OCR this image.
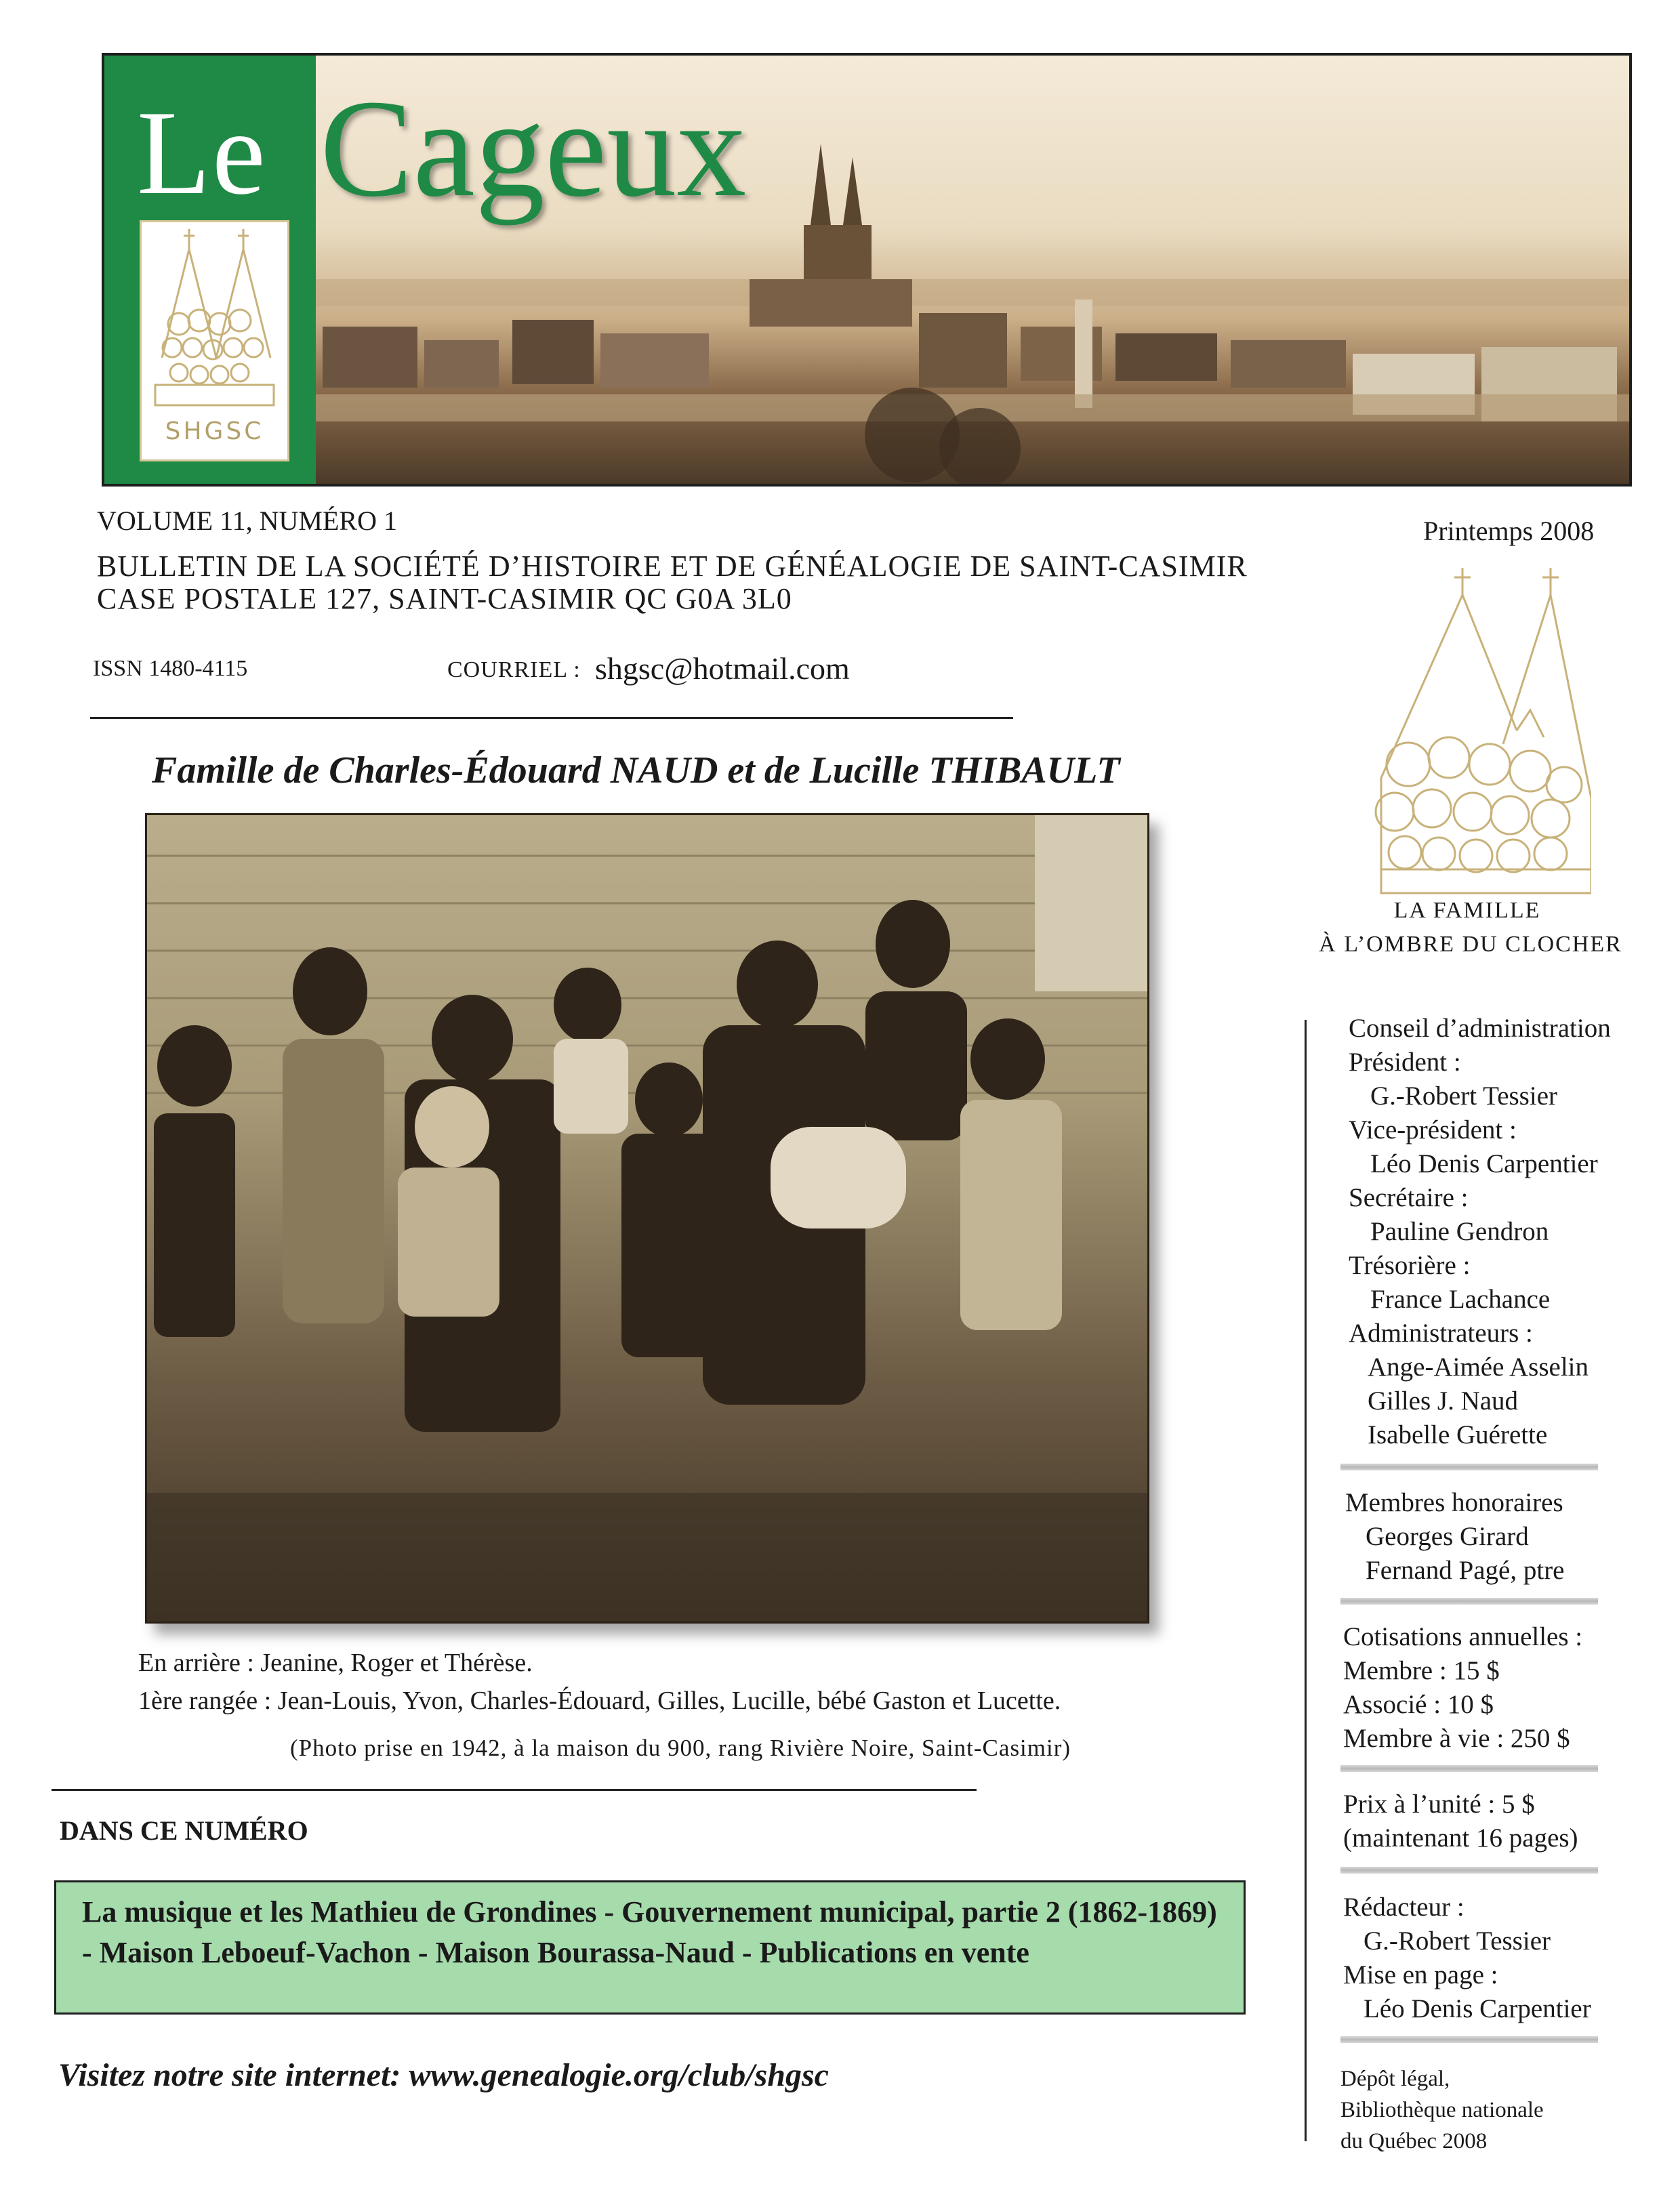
Le Cageux
SHGSC
VOLUME 11, NUMÉRO 1
BULLETIN DE LA SOCIÉTÉ D’HISTOIRE ET DE GÉNÉALOGIE DE SAINT-CASIMIR
CASE POSTALE 127, SAINT-CASIMIR QC G0A 3L0
ISSN 1480-4115	COURRIEL : shgsc@hotmail.com
Printemps 2008
Famille de Charles-Édouard NAUD et de Lucille THIBAULT
En arrière : Jeanine, Roger et Thérèse.
1ère rangée : Jean-Louis, Yvon, Charles-Édouard, Gilles, Lucille, bébé Gaston et Lucette.
(Photo prise en 1942, à la maison du 900, rang Rivière Noire, Saint-Casimir)
DANS CE NUMÉRO
La musique et les Mathieu de Grondines - Gouvernement municipal, partie 2 (1862-1869) - Maison Leboeuf-Vachon - Maison Bourassa-Naud - Publications en vente
Visitez notre site internet: www.genealogie.org/club/shgsc
LA FAMILLE
À L’OMBRE DU CLOCHER
Conseil d’administration
Président :
G.-Robert Tessier
Vice-président :
Léo Denis Carpentier
Secrétaire :
Pauline Gendron
Trésorière :
France Lachance
Administrateurs :
Ange-Aimée Asselin
Gilles J. Naud
Isabelle Guérette
Membres honoraires
Georges Girard
Fernand Pagé, ptre
Cotisations annuelles :
Membre : 15 $
Associé : 10 $
Membre à vie : 250 $
Prix à l’unité : 5 $
(maintenant 16 pages)
Rédacteur :
G.-Robert Tessier
Mise en page :
Léo Denis Carpentier
Dépôt légal,
Bibliothèque nationale
du Québec 2008
